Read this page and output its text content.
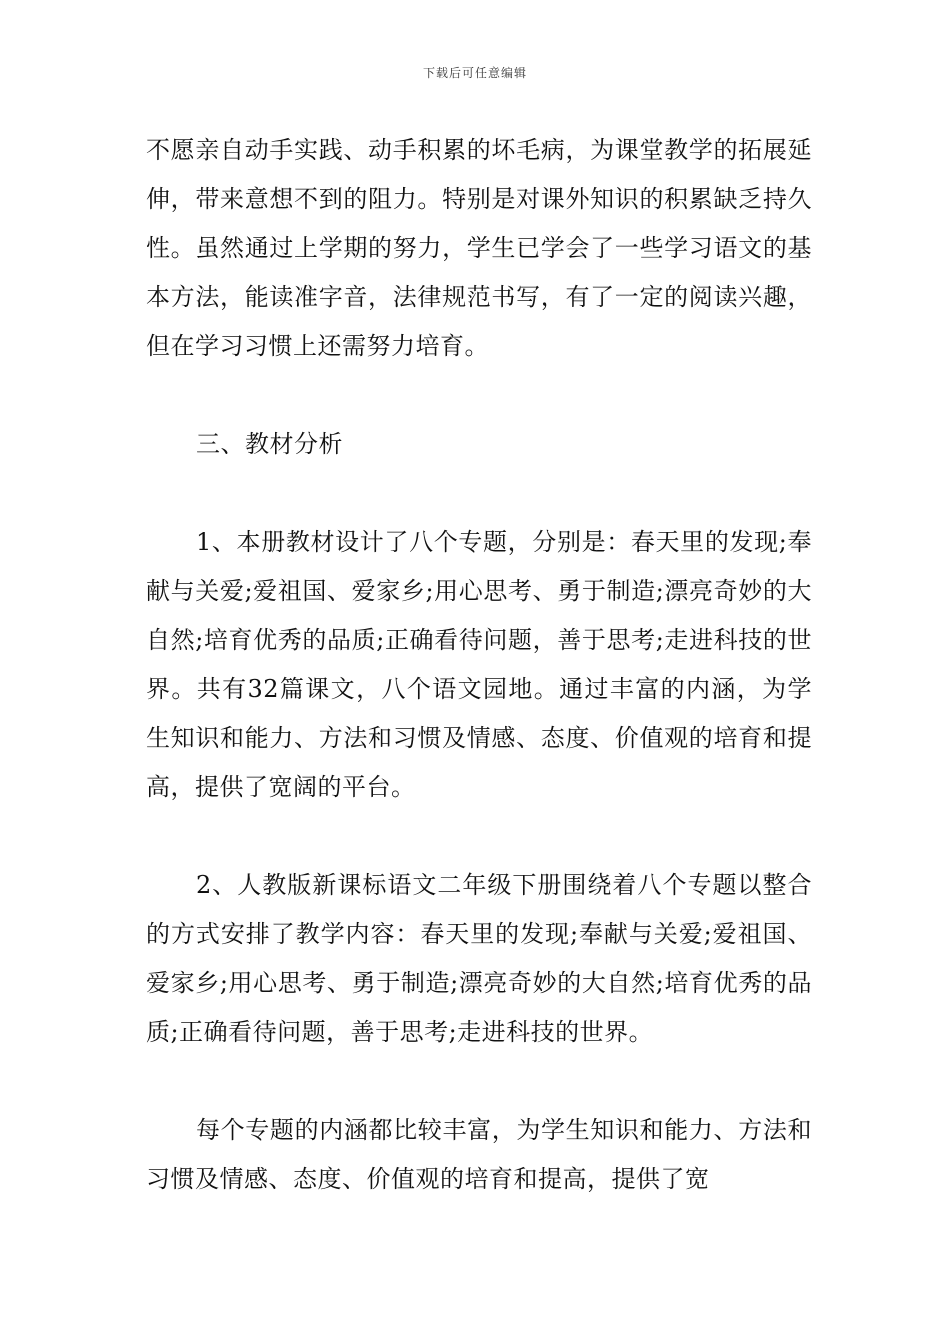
下载后可任意编辑

不愿亲自动手实践、动手积累的坏毛病，为课堂教学的拓展延伸，带来意想不到的阻力。特别是对课外知识的积累缺乏持久性。虽然通过上学期的努力，学生已学会了一些学习语文的基本方法，能读准字音，法律规范书写，有了一定的阅读兴趣，但在学习习惯上还需努力培育。

三、教材分析

1、本册教材设计了八个专题，分别是：春天里的发现;奉献与关爱;爱祖国、爱家乡;用心思考、勇于制造;漂亮奇妙的大自然;培育优秀的品质;正确看待问题，善于思考;走进科技的世界。共有32篇课文，八个语文园地。通过丰富的内涵，为学生知识和能力、方法和习惯及情感、态度、价值观的培育和提高，提供了宽阔的平台。

2、人教版新课标语文二年级下册围绕着八个专题以整合的方式安排了教学内容：春天里的发现;奉献与关爱;爱祖国、爱家乡;用心思考、勇于制造;漂亮奇妙的大自然;培育优秀的品质;正确看待问题，善于思考;走进科技的世界。

每个专题的内涵都比较丰富，为学生知识和能力、方法和习惯及情感、态度、价值观的培育和提高，提供了宽
